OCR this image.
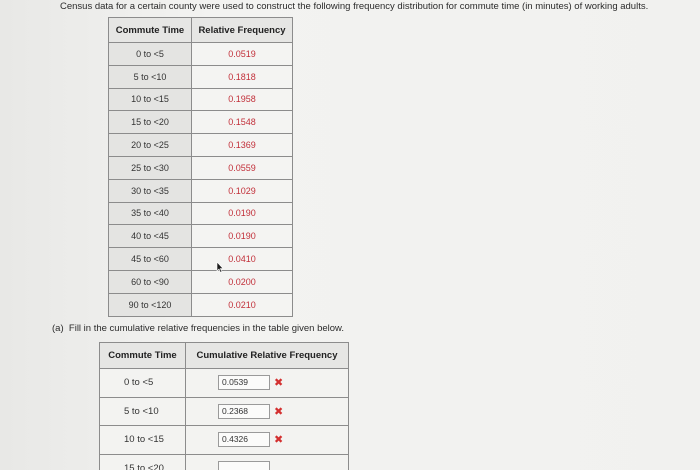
Census data for a certain county were used to construct the following frequency distribution for commute time (in minutes) of working adults.
Commute Time	Relative Frequency
0 to <5	0.0519
5 to <10	0.1818
10 to <15	0.1958
15 to <20	0.1548
20 to <25	0.1369
25 to <30	0.0559
30 to <35	0.1029
35 to <40	0.0190
40 to <45	0.0190
45 to <60	0.0410
60 to <90	0.0200
90 to <120	0.0210
(a) Fill in the cumulative relative frequencies in the table given below.
Commute Time	Cumulative Relative Frequency
0 to <5	0.0539 ✖
5 to <10	0.2368 ✖
10 to <15	0.4326 ✖
15 to <20	
